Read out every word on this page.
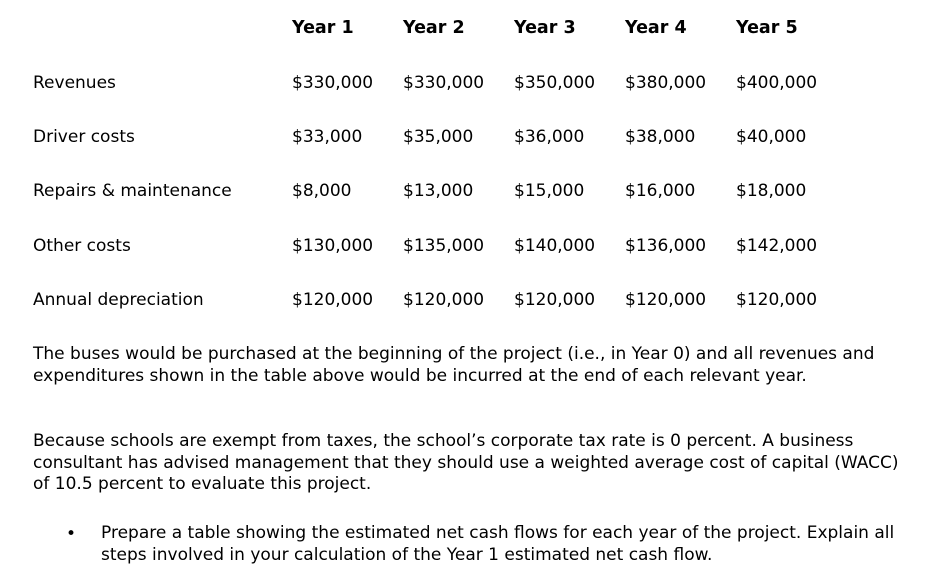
Year 1	Year 2	Year 3	Year 4	Year 5
Revenues	$330,000 $330,000 $350,000 $380,000 $400,000
Driver costs	$33,000 $35,000 $36,000 $38,000 $40,000
Repairs & maintenance	$8,000	$13,000 $15,000 $16,000 $18,000
Other costs	$130,000 $135,000 $140,000 $136,000 $142,000
Annual depreciation	$120,000 $120,000 $120,000 $120,000 $120,000

The buses would be purchased at the beginning of the project (i.e., in Year 0) and all revenues and expenditures shown in the table above would be incurred at the end of each relevant year.

Because schools are exempt from taxes, the school’s corporate tax rate is 0 percent. A business consultant has advised management that they should use a weighted average cost of capital (WACC) of 10.5 percent to evaluate this project.

• Prepare a table showing the estimated net cash flows for each year of the project. Explain all steps involved in your calculation of the Year 1 estimated net cash flow.
